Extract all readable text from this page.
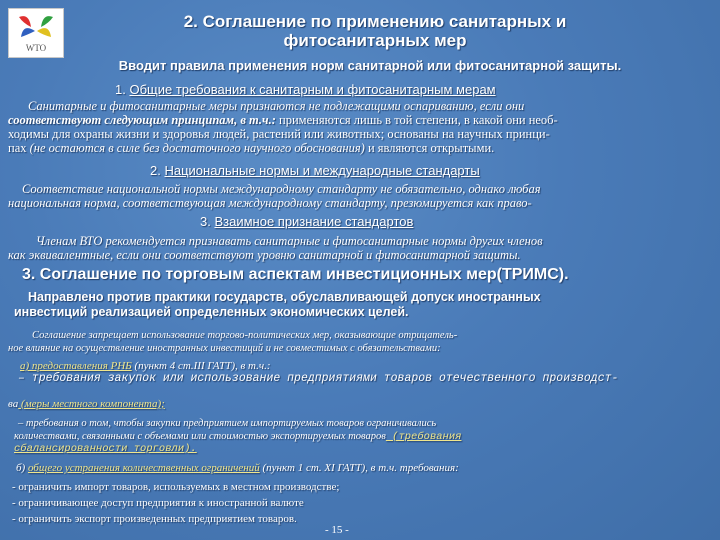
WTO
2. Соглашение по применению санитарных и
фитосанитарных мер
Вводит правила применения норм санитарной или фитосанитарной защиты.
1. Общие требования к санитарным и фитосанитарным мерам
Санитарные и фитосанитарные меры признаются не подлежащими оспариванию, если они
соответствуют следующим принципам, в т.ч.: применяются лишь в той степени, в какой они необ-
ходимы для охраны жизни и здоровья людей, растений или животных; основаны на научных принци-
пах (не остаются в силе без достаточного научного обоснования) и являются открытыми.
2. Национальные нормы и международные стандарты
Соответствие национальной нормы международному стандарту не обязательно, однако любая
национальная норма, соответствующая международному стандарту, презюмируется как право-
3. Взаимное признание стандартов
Членам ВТО рекомендуется признавать санитарные и фитосанитарные нормы других членов
как эквивалентные, если они соответствуют уровню санитарной и фитосанитарной защиты.
3. Соглашение по торговым аспектам инвестиционных мер(ТРИМС).
Направлено против практики государств, обуславливающей допуск иностранных
инвестиций реализацией определенных экономических целей.
Соглашение запрещает использование торгово-политических мер, оказывающие отрицатель-
ное влияние на осуществление иностранных инвестиций и не совместимых с обязательствами:
а) предоставления РНБ (пункт 4 ст.III ГАТТ), в т.ч.:
– требования закупок или использование предприятиями товаров отечественного производст-
ва (меры местного компонента);
– требования о том, чтобы закупки предприятием импортируемых товаров ограничивались
количествами, связанными с объемами или стоимостью экспортируемых товаров (требования
сбалансированности торговли).
б) общего устранения количественных ограничений (пункт 1 ст. XI ГАТТ), в т.ч. требования:
- ограничить импорт товаров, используемых в местном производстве;
- ограничивающее доступ предприятия к иностранной валюте
- ограничить экспорт произведенных предприятием товаров.
- 15 -
